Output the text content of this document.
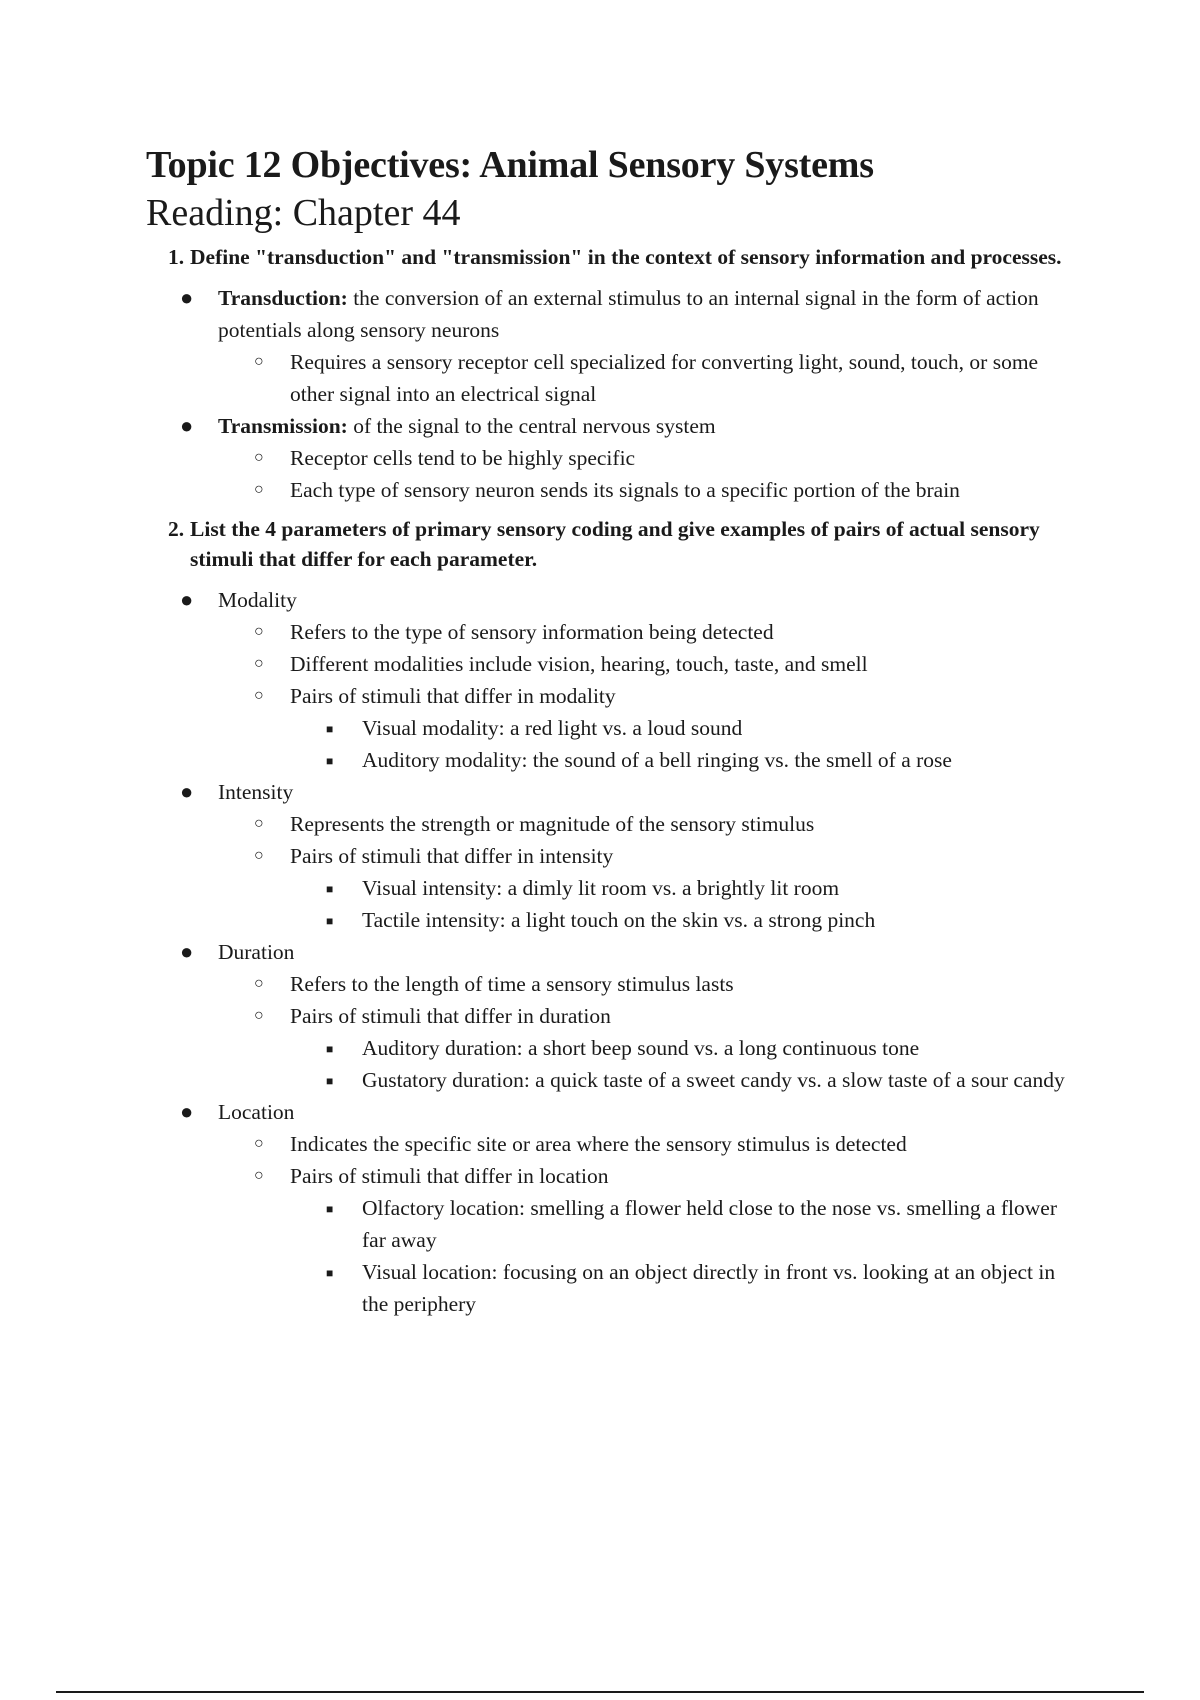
Topic 12 Objectives: Animal Sensory Systems
Reading: Chapter 44
1. Define "transduction" and "transmission" in the context of sensory information and processes.
● Transduction: the conversion of an external stimulus to an internal signal in the form of action potentials along sensory neurons
○ Requires a sensory receptor cell specialized for converting light, sound, touch, or some other signal into an electrical signal
● Transmission: of the signal to the central nervous system
○ Receptor cells tend to be highly specific
○ Each type of sensory neuron sends its signals to a specific portion of the brain
2. List the 4 parameters of primary sensory coding and give examples of pairs of actual sensory stimuli that differ for each parameter.
● Modality
○ Refers to the type of sensory information being detected
○ Different modalities include vision, hearing, touch, taste, and smell
○ Pairs of stimuli that differ in modality
■ Visual modality: a red light vs. a loud sound
■ Auditory modality: the sound of a bell ringing vs. the smell of a rose
● Intensity
○ Represents the strength or magnitude of the sensory stimulus
○ Pairs of stimuli that differ in intensity
■ Visual intensity: a dimly lit room vs. a brightly lit room
■ Tactile intensity: a light touch on the skin vs. a strong pinch
● Duration
○ Refers to the length of time a sensory stimulus lasts
○ Pairs of stimuli that differ in duration
■ Auditory duration: a short beep sound vs. a long continuous tone
■ Gustatory duration: a quick taste of a sweet candy vs. a slow taste of a sour candy
● Location
○ Indicates the specific site or area where the sensory stimulus is detected
○ Pairs of stimuli that differ in location
■ Olfactory location: smelling a flower held close to the nose vs. smelling a flower far away
■ Visual location: focusing on an object directly in front vs. looking at an object in the periphery
